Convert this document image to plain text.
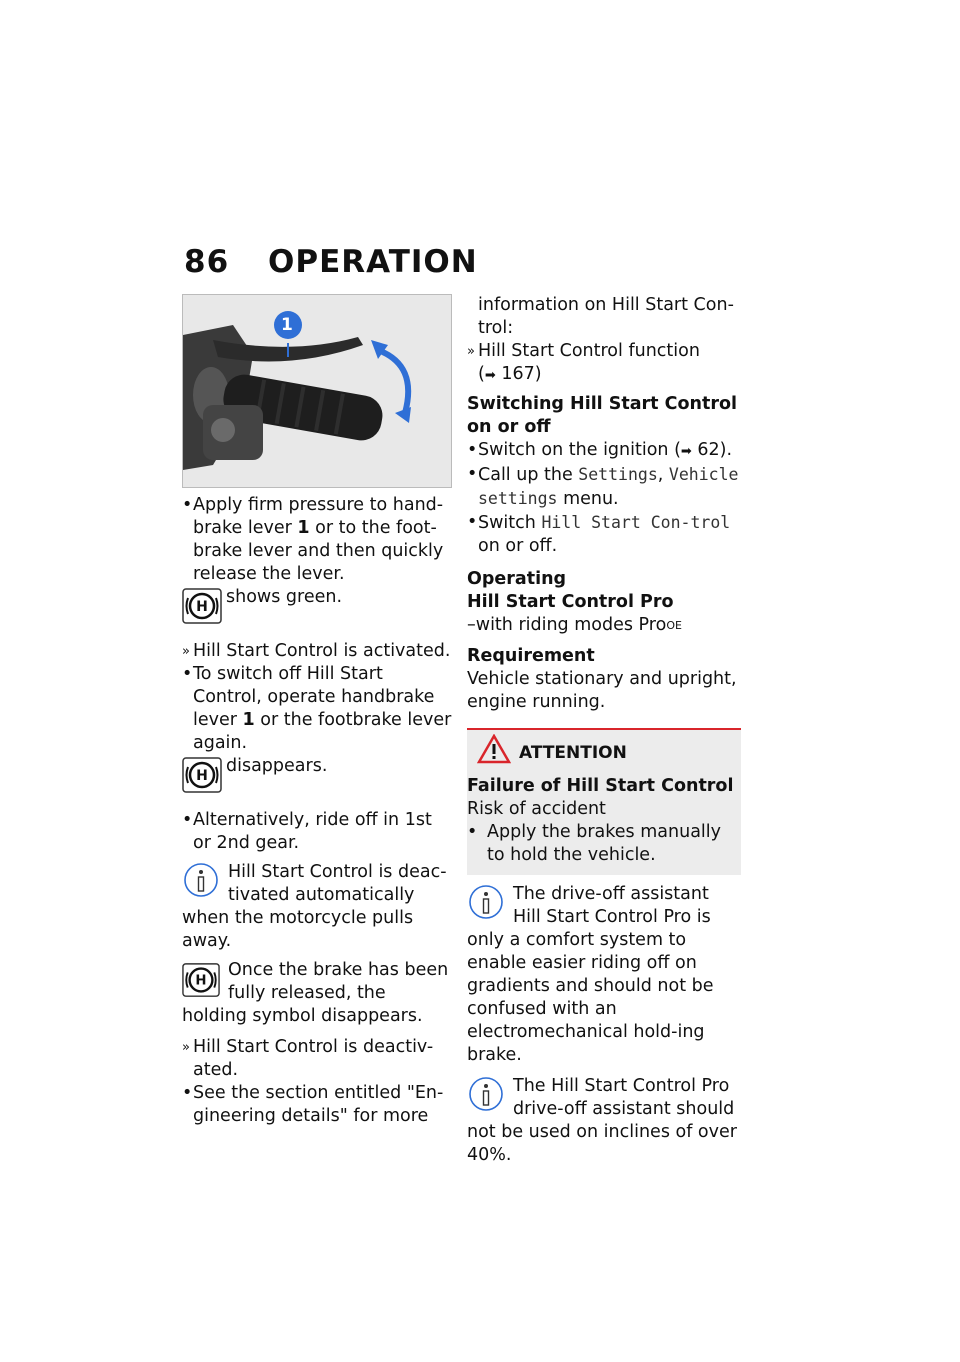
86 OPERATION
1
• Apply firm pressure to hand-brake lever 1 or to the foot-brake lever and then quickly release the lever.
H shows green.
» Hill Start Control is activated.
• To switch off Hill Start Control, operate handbrake lever 1 or the footbrake lever again.
H disappears.
• Alternatively, ride off in 1st or 2nd gear.
Hill Start Control is deac-tivated automatically when the motorcycle pulls away.
H
Once the brake has been fully released, the holding symbol disappears.
» Hill Start Control is deactiv-ated.
• See the section entitled "En-gineering details" for more
information on Hill Start Con-trol:
» Hill Start Control function
(➡ 167)
Switching Hill Start Control on or off
• Switch on the ignition (➡ 62).
• Call up the Settings, Vehicle settings menu.
• Switch Hill Start Con-trol on or off.
Operating
Hill Start Control Pro
–with riding modes Pro$^{OE}$
Requirement
Vehicle stationary and upright, engine running.
ATTENTION
Failure of Hill Start Control
Risk of accident
• Apply the brakes manually to hold the vehicle.
The drive-off assistant Hill Start Control Pro is only a comfort system to enable easier riding off on gradients and should not be confused with an electromechanical hold-ing brake.
The Hill Start Control Pro drive-off assistant should not be used on inclines of over 40%.
